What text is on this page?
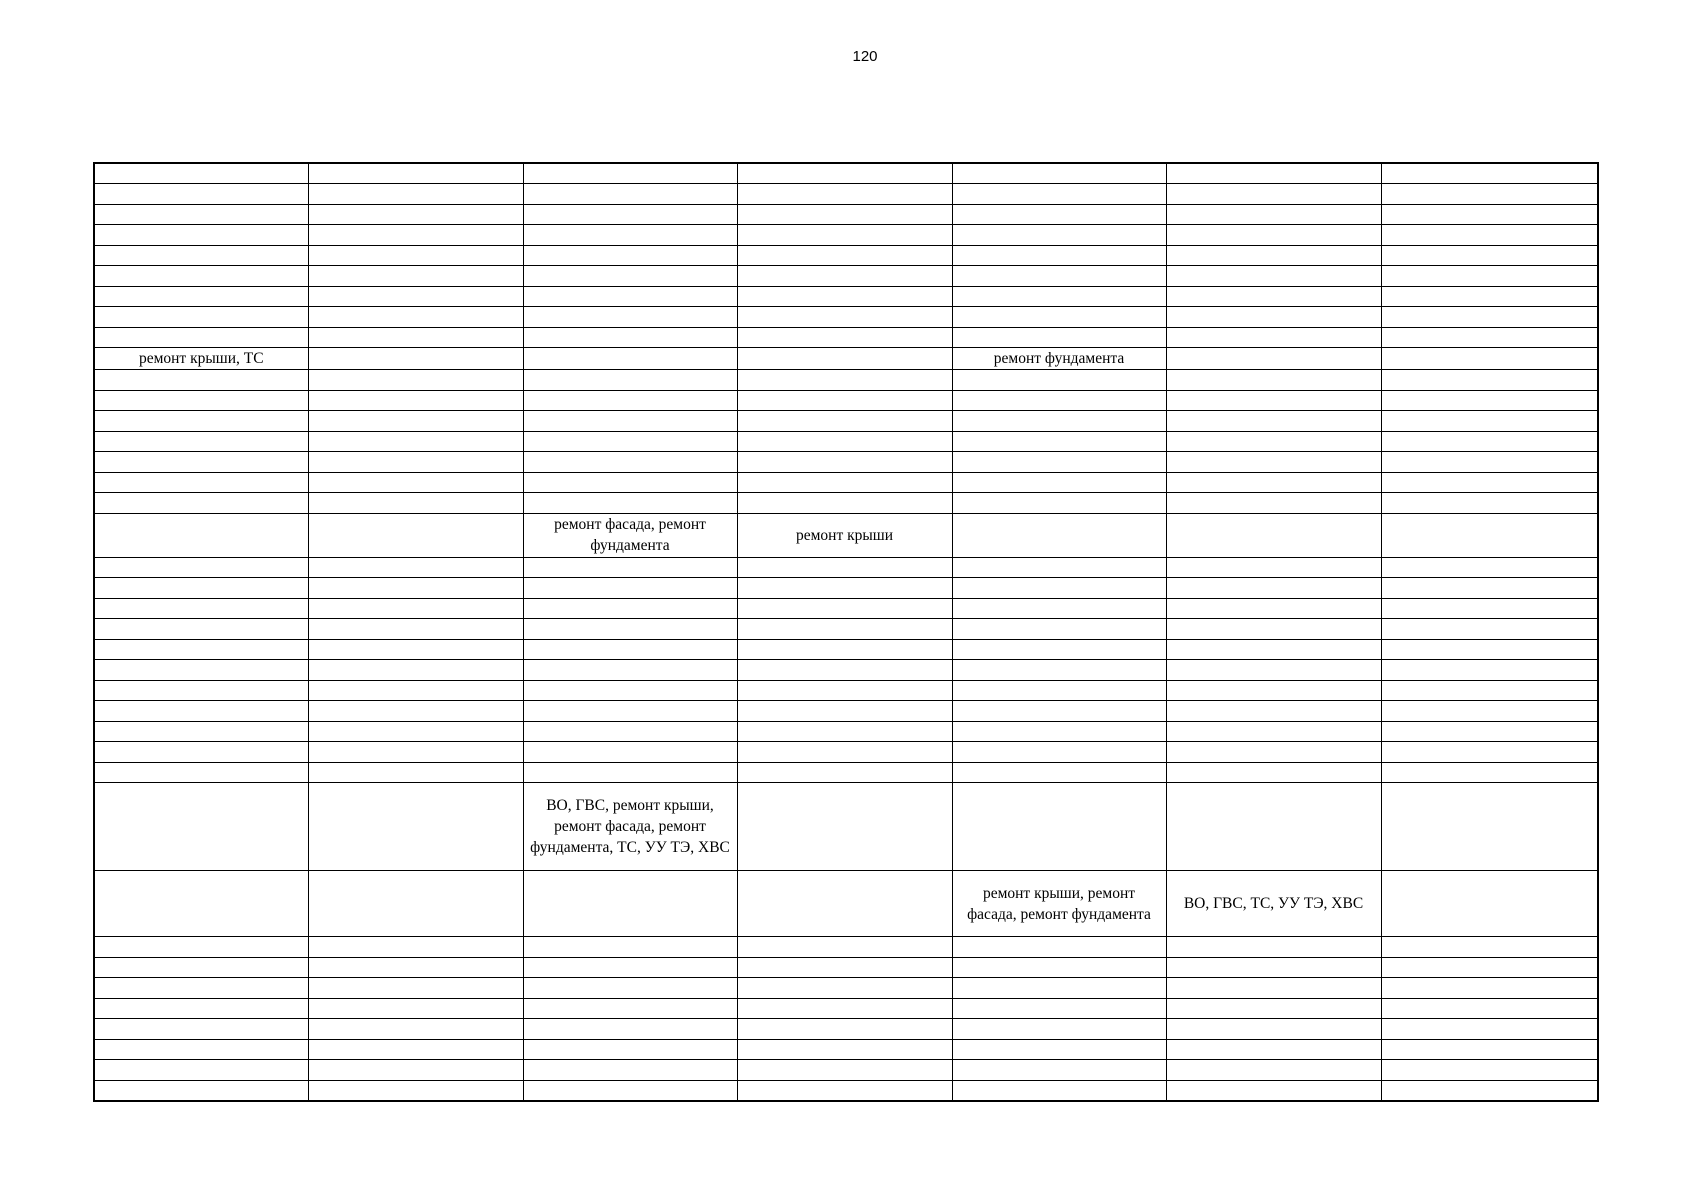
120

ремонт крыши, ТС				ремонт фундамента		

		ремонт фасада, ремонт фундамента	ремонт крыши			

		ВО, ГВС, ремонт крыши, ремонт фасада, ремонт фундамента, ТС, УУ ТЭ, ХВС				
				ремонт крыши, ремонт фасада, ремонт фундамента	ВО, ГВС, ТС, УУ ТЭ, ХВС	
